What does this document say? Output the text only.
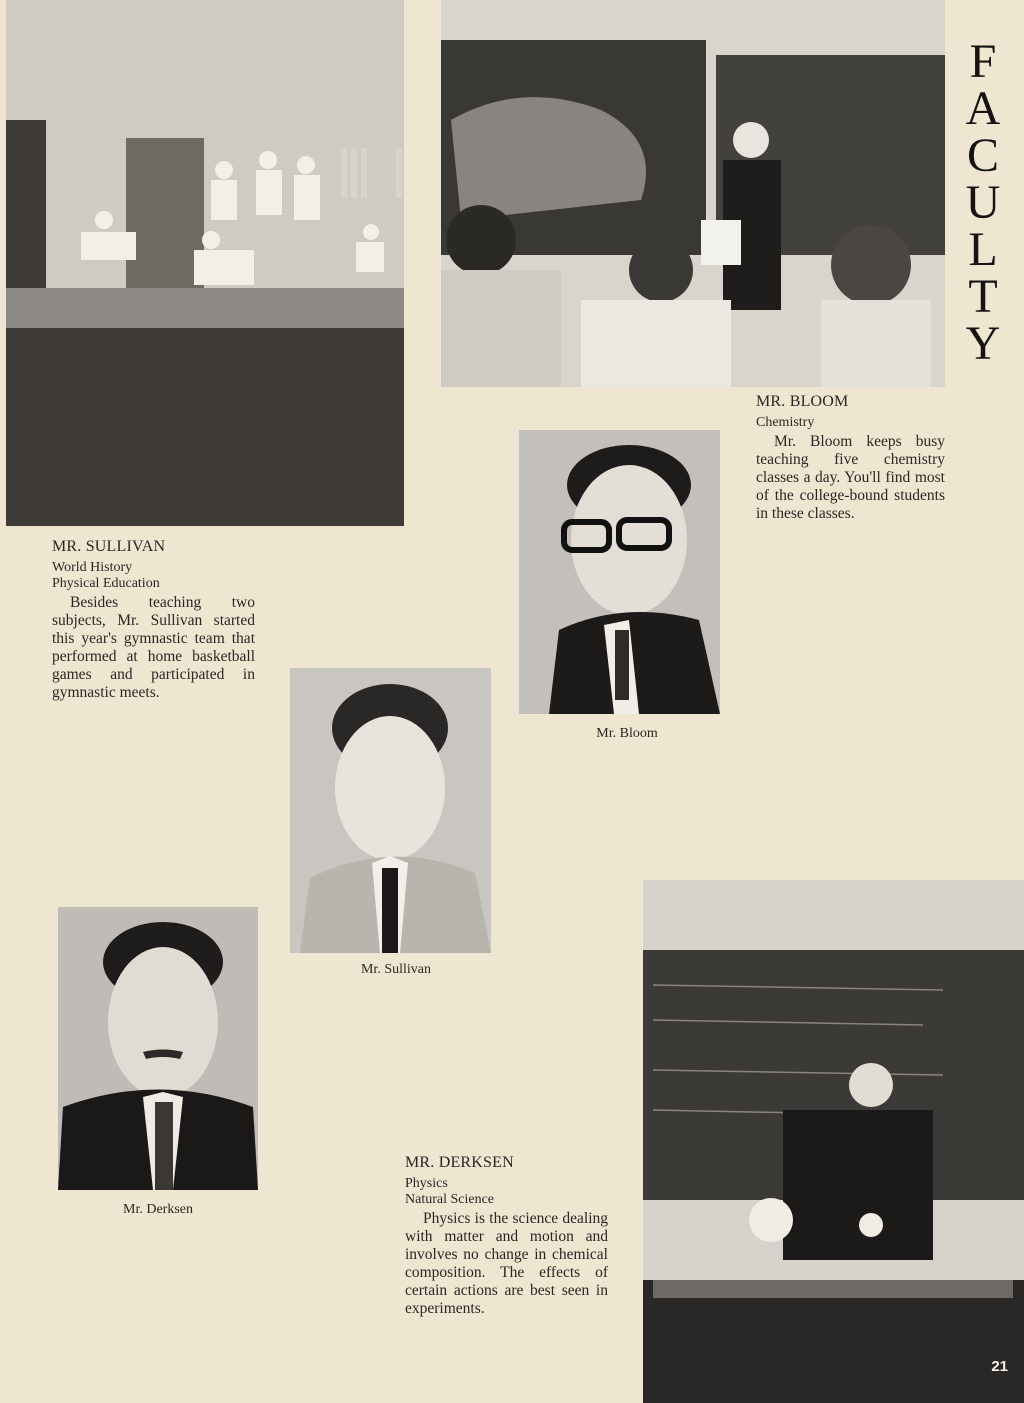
F
A
C
U
L
T
Y
MR. BLOOM
Chemistry
Mr. Bloom keeps busy teaching five chemistry classes a day. You'll find most of the college-bound students in these classes.
Mr. Bloom
MR. SULLIVAN
World History
Physical Education
Besides teaching two subjects, Mr. Sullivan started this year's gymnastic team that performed at home basketball games and participated in gymnastic meets.
Mr. Sullivan
Mr. Derksen
MR. DERKSEN
Physics
Natural Science
Physics is the science dealing with matter and motion and involves no change in chemical composition. The effects of certain actions are best seen in experiments.
21
